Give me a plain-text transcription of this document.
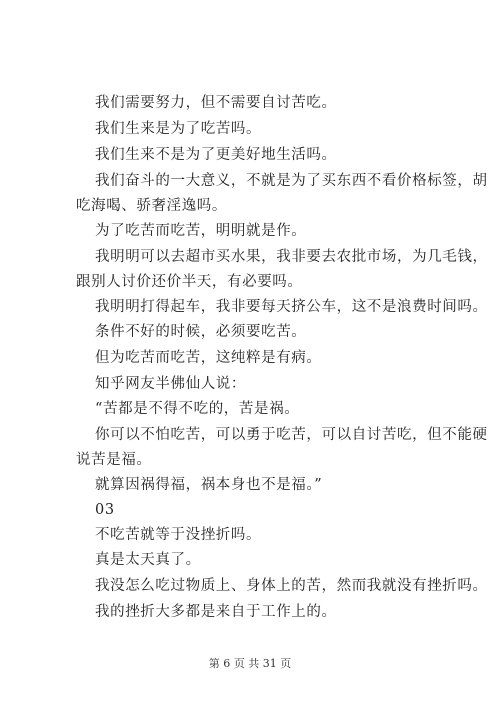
我们需要努力，但不需要自讨苦吃。
我们生来是为了吃苦吗。
我们生来不是为了更美好地生活吗。
我们奋斗的一大意义，不就是为了买东西不看价格标签，胡
吃海喝、骄奢淫逸吗。
为了吃苦而吃苦，明明就是作。
我明明可以去超市买水果，我非要去农批市场，为几毛钱，
跟别人讨价还价半天，有必要吗。
我明明打得起车，我非要每天挤公车，这不是浪费时间吗。
条件不好的时候，必须要吃苦。
但为吃苦而吃苦，这纯粹是有病。
知乎网友半佛仙人说：
“苦都是不得不吃的，苦是祸。
你可以不怕吃苦，可以勇于吃苦，可以自讨苦吃，但不能硬
说苦是福。
就算因祸得福，祸本身也不是福。”
03
不吃苦就等于没挫折吗。
真是太天真了。
我没怎么吃过物质上、身体上的苦，然而我就没有挫折吗。
我的挫折大多都是来自于工作上的。
第 6 页 共 31 页
